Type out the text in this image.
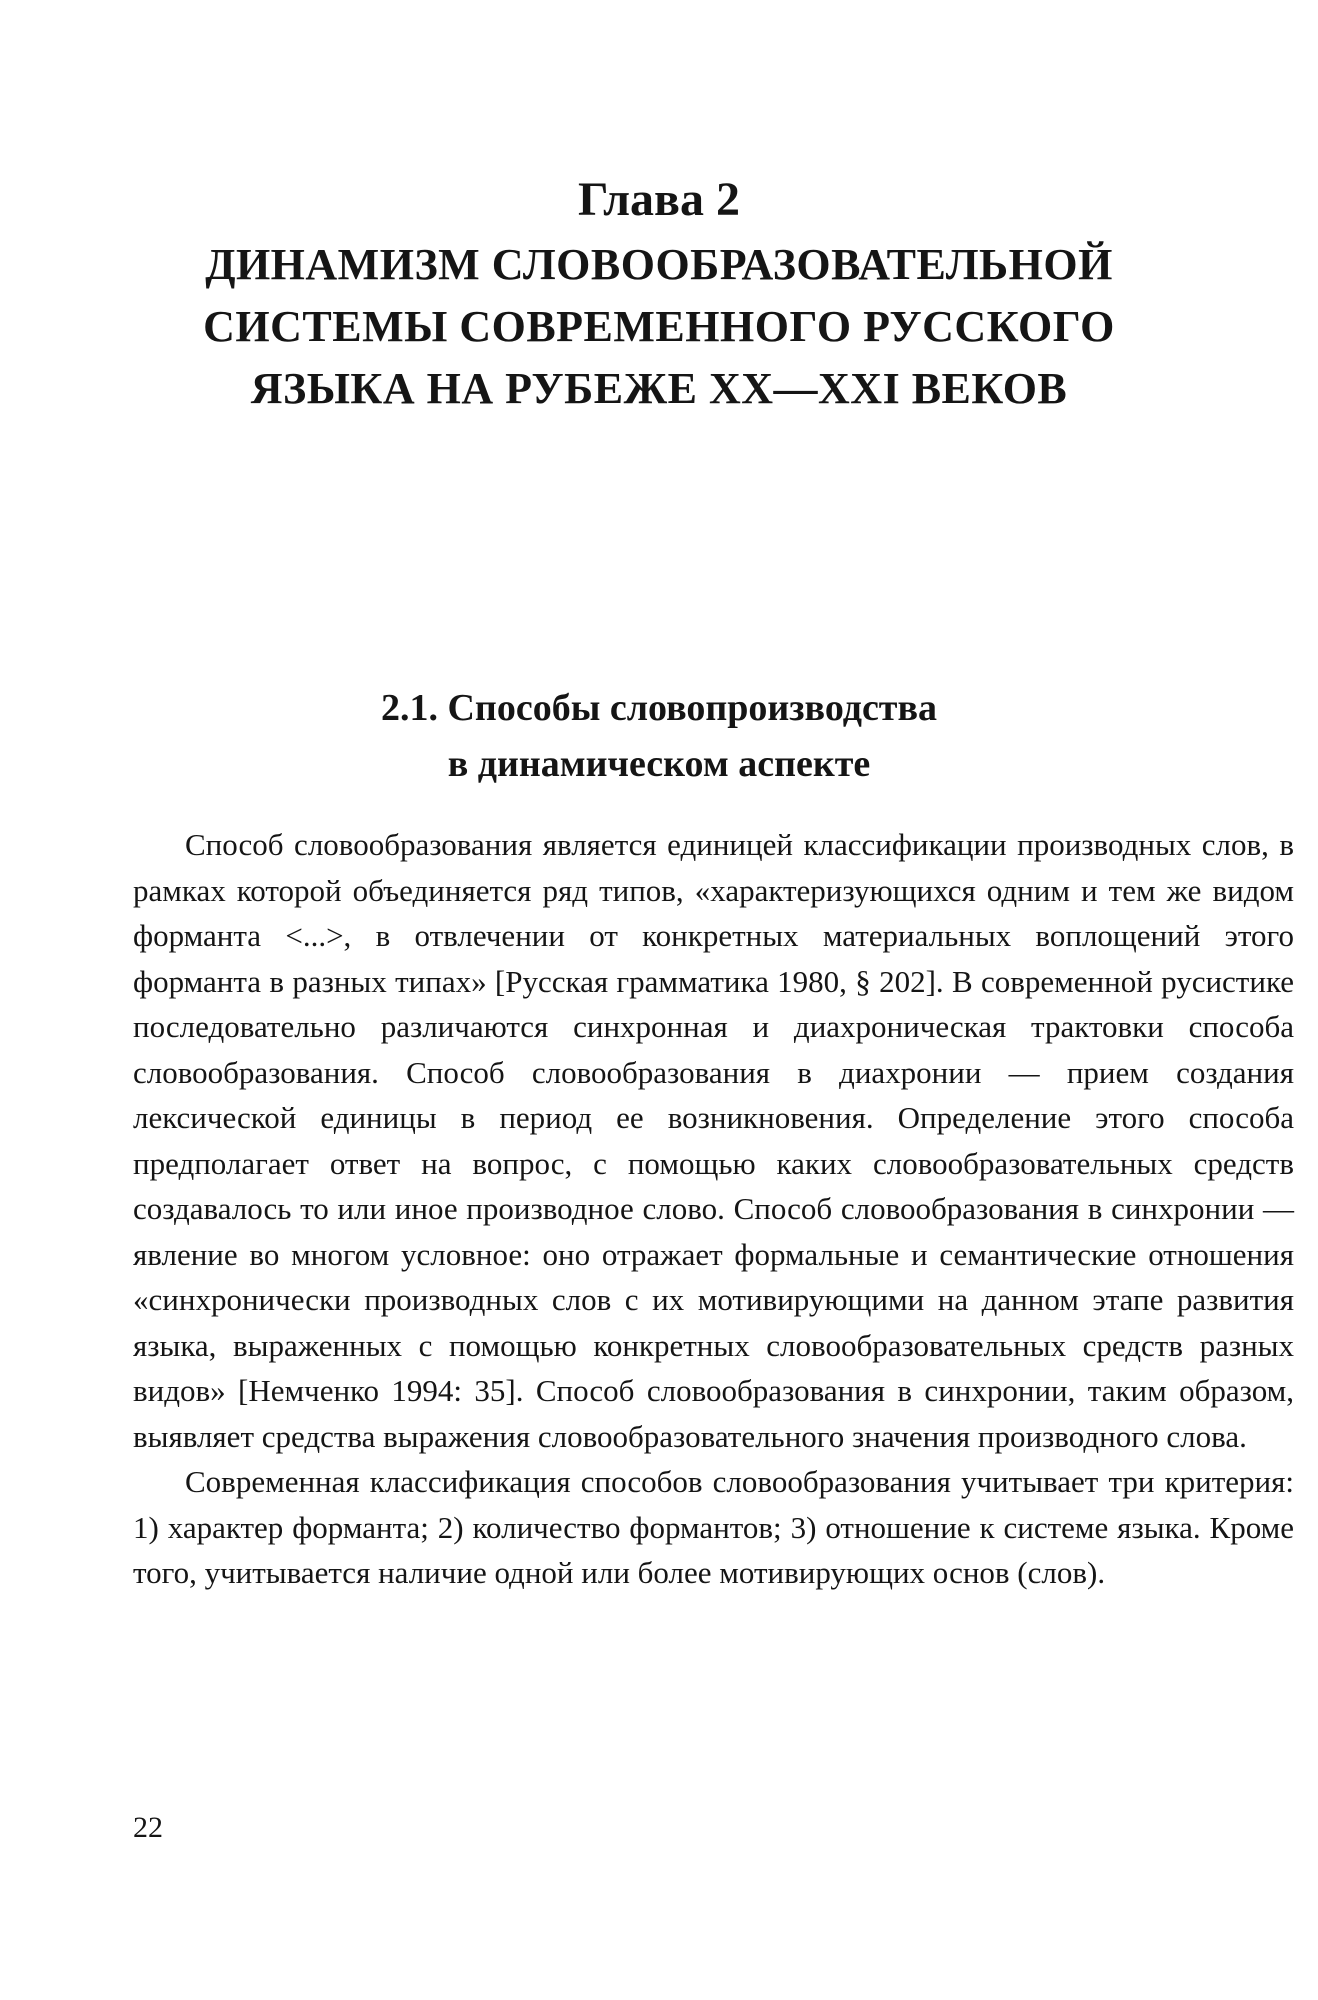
Глава 2
ДИНАМИЗМ СЛОВООБРАЗОВАТЕЛЬНОЙ СИСТЕМЫ СОВРЕМЕННОГО РУССКОГО ЯЗЫКА НА РУБЕЖЕ XX—XXI ВЕКОВ
2.1. Способы словопроизводства
в динамическом аспекте

Способ словообразования является единицей классификации производных слов, в рамках которой объединяется ряд типов, «характеризующихся одним и тем же видом форманта <...>, в отвлечении от конкретных материальных воплощений этого форманта в разных типах» [Русская грамматика 1980, § 202]. В современной русистике последовательно различаются синхронная и диахроническая трактовки способа словообразования. Способ словообразования в диахронии — прием создания лексической единицы в период ее возникновения. Определение этого способа предполагает ответ на вопрос, с помощью каких словообразовательных средств создавалось то или иное производное слово. Способ словообразования в синхронии — явление во многом условное: оно отражает формальные и семантические отношения «синхронически производных слов с их мотивирующими на данном этапе развития языка, выраженных с помощью конкретных словообразовательных средств разных видов» [Немченко 1994: 35]. Способ словообразования в синхронии, таким образом, выявляет средства выражения словообразовательного значения производного слова.

Современная классификация способов словообразования учитывает три критерия: 1) характер форманта; 2) количество формантов; 3) отношение к системе языка. Кроме того, учитывается наличие одной или более мотивирующих основ (слов).

22
